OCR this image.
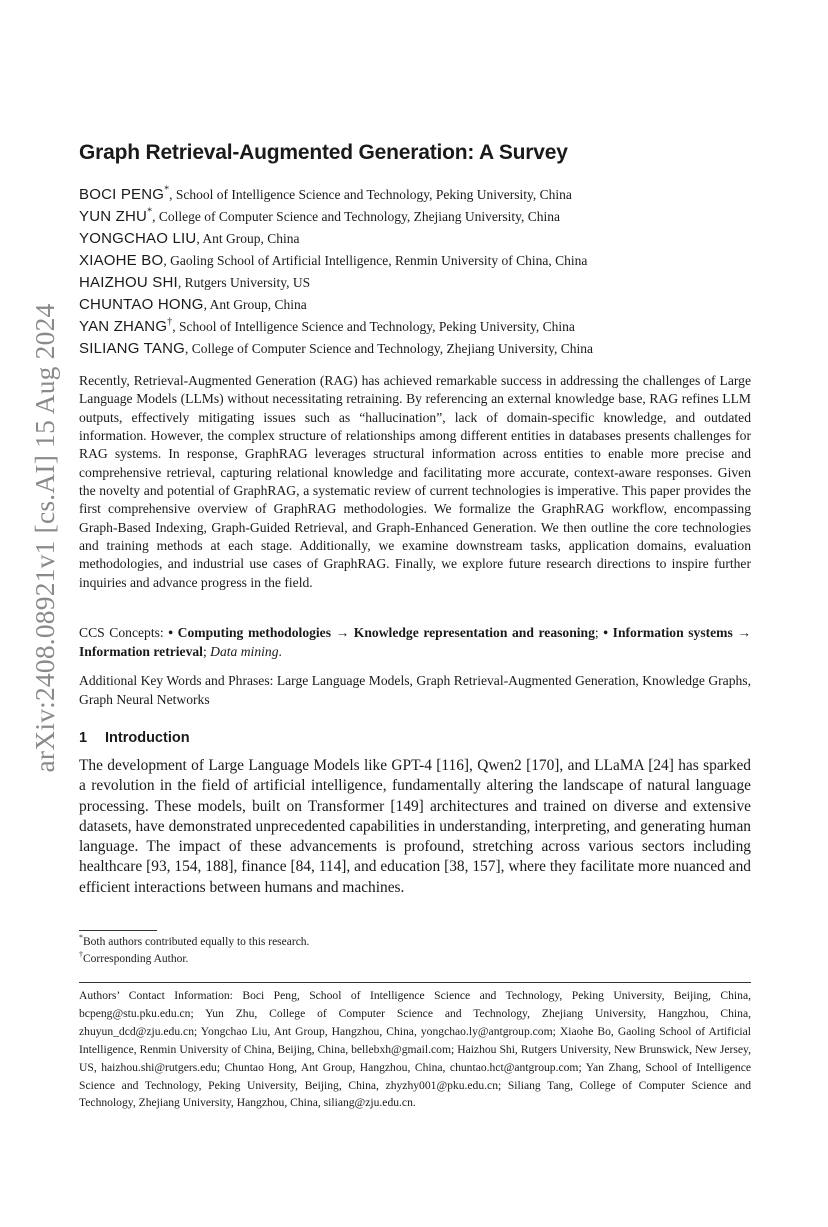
arXiv:2408.08921v1 [cs.AI] 15 Aug 2024
Graph Retrieval-Augmented Generation: A Survey
BOCI PENG*, School of Intelligence Science and Technology, Peking University, China
YUN ZHU*, College of Computer Science and Technology, Zhejiang University, China
YONGCHAO LIU, Ant Group, China
XIAOHE BO, Gaoling School of Artificial Intelligence, Renmin University of China, China
HAIZHOU SHI, Rutgers University, US
CHUNTAO HONG, Ant Group, China
YAN ZHANG†, School of Intelligence Science and Technology, Peking University, China
SILIANG TANG, College of Computer Science and Technology, Zhejiang University, China

Recently, Retrieval-Augmented Generation (RAG) has achieved remarkable success in addressing the challenges of Large Language Models (LLMs) without necessitating retraining. By referencing an external knowledge base, RAG refines LLM outputs, effectively mitigating issues such as “hallucination”, lack of domain-specific knowledge, and outdated information. However, the complex structure of relationships among different entities in databases presents challenges for RAG systems. In response, GraphRAG leverages structural information across entities to enable more precise and comprehensive retrieval, capturing relational knowledge and facilitating more accurate, context-aware responses. Given the novelty and potential of GraphRAG, a systematic review of current technologies is imperative. This paper provides the first comprehensive overview of GraphRAG methodologies. We formalize the GraphRAG workflow, encompassing Graph-Based Indexing, Graph-Guided Retrieval, and Graph-Enhanced Generation. We then outline the core technologies and training methods at each stage. Additionally, we examine downstream tasks, application domains, evaluation methodologies, and industrial use cases of GraphRAG. Finally, we explore future research directions to inspire further inquiries and advance progress in the field.

CCS Concepts: • Computing methodologies → Knowledge representation and reasoning; • Information systems → Information retrieval; Data mining.

Additional Key Words and Phrases: Large Language Models, Graph Retrieval-Augmented Generation, Knowledge Graphs, Graph Neural Networks

1 Introduction

The development of Large Language Models like GPT-4 [116], Qwen2 [170], and LLaMA [24] has sparked a revolution in the field of artificial intelligence, fundamentally altering the landscape of natural language processing. These models, built on Transformer [149] architectures and trained on diverse and extensive datasets, have demonstrated unprecedented capabilities in understanding, interpreting, and generating human language. The impact of these advancements is profound, stretching across various sectors including healthcare [93, 154, 188], finance [84, 114], and education [38, 157], where they facilitate more nuanced and efficient interactions between humans and machines.

*Both authors contributed equally to this research.
†Corresponding Author.

Authors’ Contact Information: Boci Peng, School of Intelligence Science and Technology, Peking University, Beijing, China, bcpeng@stu.pku.edu.cn; Yun Zhu, College of Computer Science and Technology, Zhejiang University, Hangzhou, China, zhuyun_dcd@zju.edu.cn; Yongchao Liu, Ant Group, Hangzhou, China, yongchao.ly@antgroup.com; Xiaohe Bo, Gaoling School of Artificial Intelligence, Renmin University of China, Beijing, China, bellebxh@gmail.com; Haizhou Shi, Rutgers University, New Brunswick, New Jersey, US, haizhou.shi@rutgers.edu; Chuntao Hong, Ant Group, Hangzhou, China, chuntao.hct@antgroup.com; Yan Zhang, School of Intelligence Science and Technology, Peking University, Beijing, China, zhyzhy001@pku.edu.cn; Siliang Tang, College of Computer Science and Technology, Zhejiang University, Hangzhou, China, siliang@zju.edu.cn.
